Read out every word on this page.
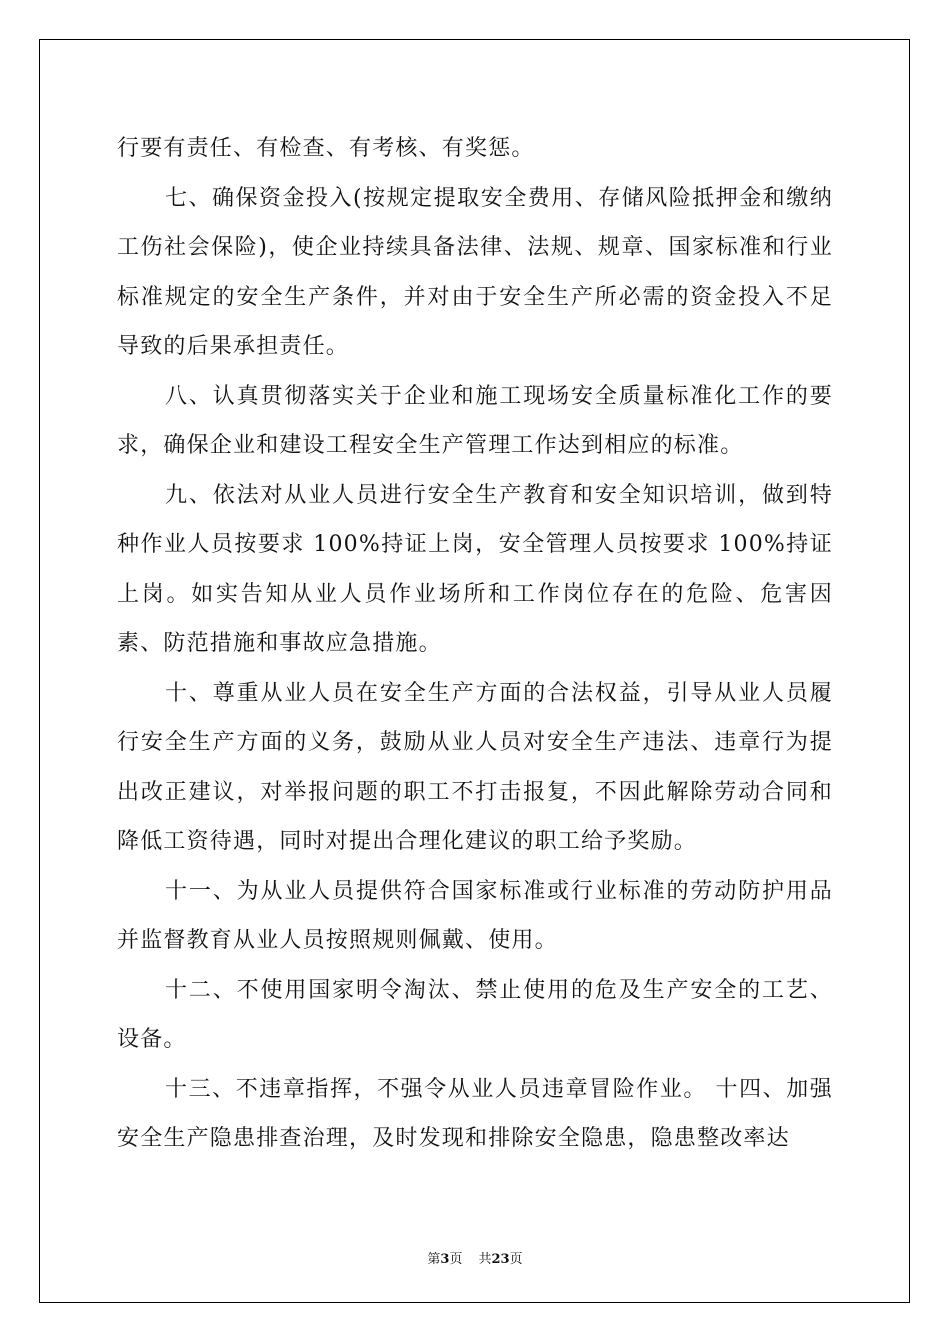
行要有责任、有检查、有考核、有奖惩。

七、确保资金投入(按规定提取安全费用、存储风险抵押金和缴纳工伤社会保险)，使企业持续具备法律、法规、规章、国家标准和行业标准规定的安全生产条件，并对由于安全生产所必需的资金投入不足导致的后果承担责任。

八、认真贯彻落实关于企业和施工现场安全质量标准化工作的要求，确保企业和建设工程安全生产管理工作达到相应的标准。

九、依法对从业人员进行安全生产教育和安全知识培训，做到特种作业人员按要求 100%持证上岗，安全管理人员按要求 100%持证上岗。如实告知从业人员作业场所和工作岗位存在的危险、危害因素、防范措施和事故应急措施。

十、尊重从业人员在安全生产方面的合法权益，引导从业人员履行安全生产方面的义务，鼓励从业人员对安全生产违法、违章行为提出改正建议，对举报问题的职工不打击报复，不因此解除劳动合同和降低工资待遇，同时对提出合理化建议的职工给予奖励。

十一、为从业人员提供符合国家标准或行业标准的劳动防护用品并监督教育从业人员按照规则佩戴、使用。

十二、不使用国家明令淘汰、禁止使用的危及生产安全的工艺、设备。

十三、不违章指挥，不强令从业人员违章冒险作业。 十四、加强安全生产隐患排查治理，及时发现和排除安全隐患，隐患整改率达

第3页 共23页
